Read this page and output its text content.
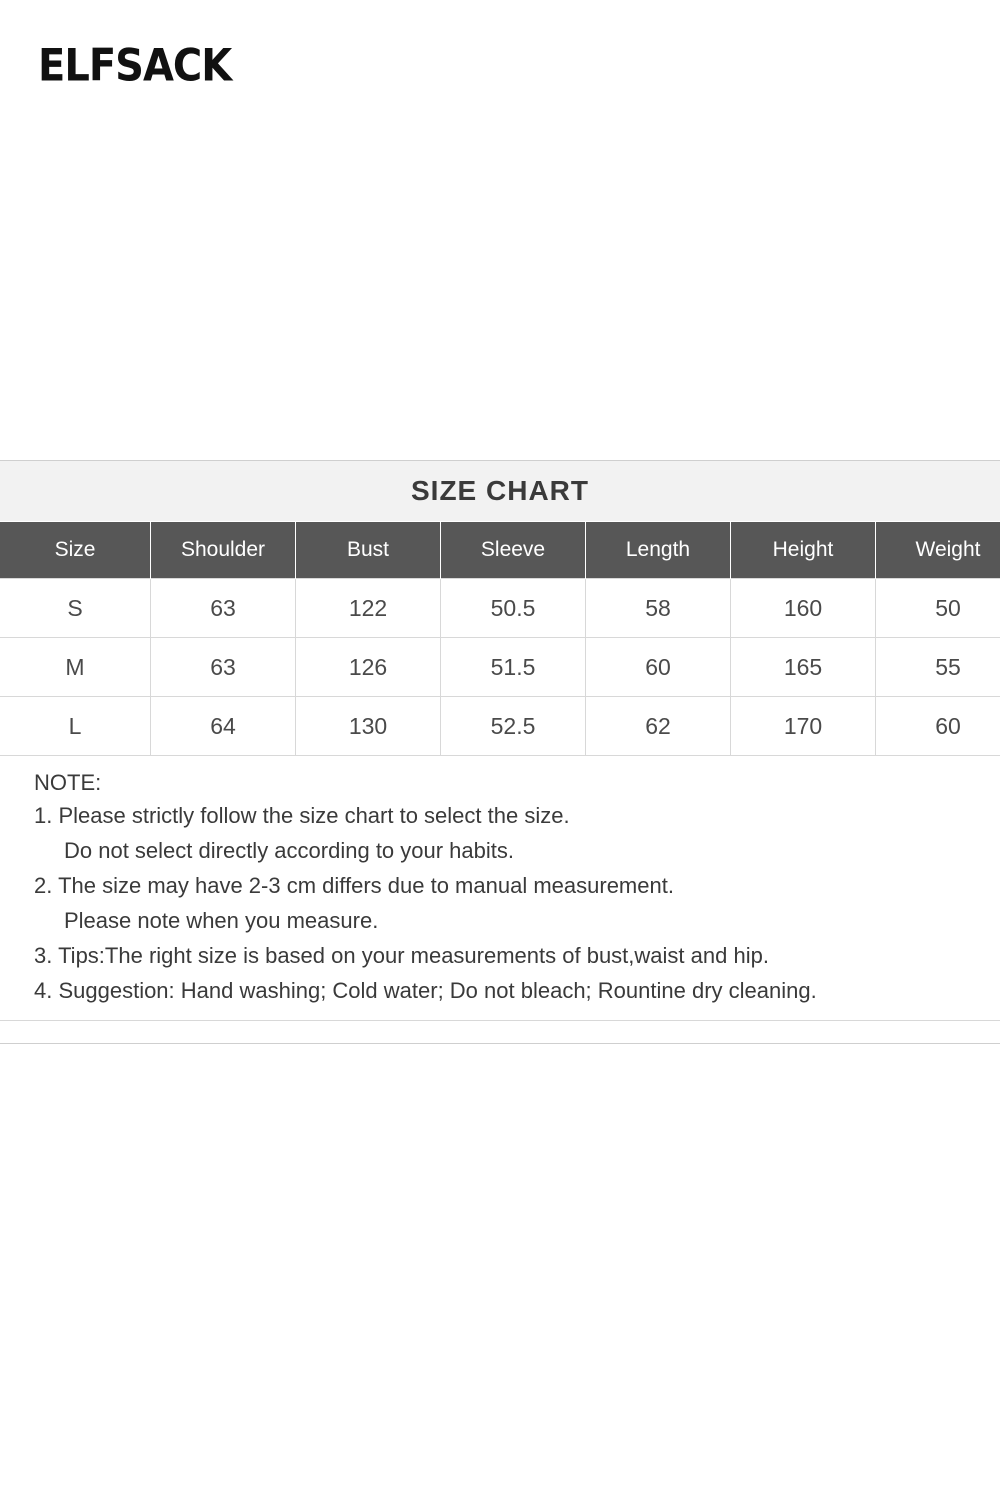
ELFSACK
SIZE CHART
Size	Shoulder	Bust	Sleeve	Length	Height	Weight
S	63	122	50.5	58	160	50
M	63	126	51.5	60	165	55
L	64	130	52.5	62	170	60
NOTE:
1. Please strictly follow the size chart to select the size.
Do not select directly according to your habits.
2. The size may have 2-3 cm differs due to manual measurement.
Please note when you measure.
3. Tips:The right size is based on your measurements of bust,waist and hip.
4. Suggestion: Hand washing; Cold water; Do not bleach; Rountine dry cleaning.
